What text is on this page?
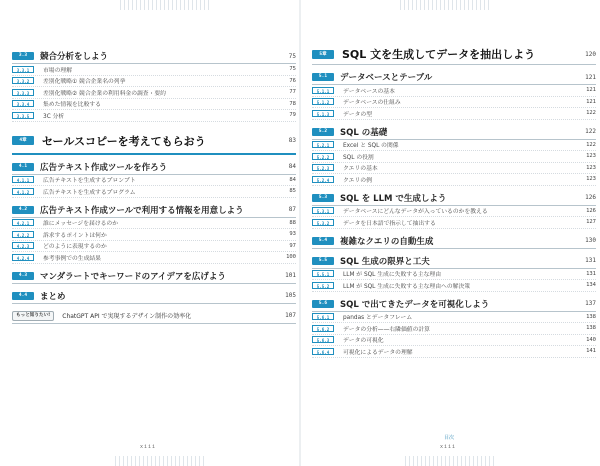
3.3	競合分析をしよう	75
3.3.1	市場の理解	75
3.3.2	差別化戦略① 競合企業名の列挙	76
3.3.3	差別化戦略② 競合企業の利用料金の調査・要約	77
3.3.4	集めた情報を比較する	78
3.3.5	3C 分析	79
4章	セールスコピーを考えてもらおう	83
4.1	広告テキスト作成ツールを作ろう	84
4.1.1	広告テキストを生成するプロンプト	84
4.1.2	広告テキストを生成するプログラム	85
4.2	広告テキスト作成ツールで利用する情報を用意しよう	87
4.2.1	誰にメッセージを届けるのか	88
4.2.2	訴求するポイントは何か	93
4.2.3	どのように表現するのか	97
4.2.4	参考事例での生成結果	100
4.3	マンダラートでキーワードのアイデアを広げよう	101
4.4	まとめ	105
もっと知りたい!	ChatGPT API で実現するデザイン制作の効率化	107
5章	SQL 文を生成してデータを抽出しよう	120
5.1	データベースとテーブル	121
5.1.1	データベースの基本	121
5.1.2	データベースの仕組み	121
5.1.3	データの型	122
5.2	SQL の基礎	122
5.2.1	Excel と SQL の関係	122
5.2.2	SQL の役割	123
5.2.3	クエリの基本	123
5.2.4	クエリの例	123
5.3	SQL を LLM で生成しよう	126
5.3.1	データベースにどんなデータが入っているのかを教える	126
5.3.2	データを日本語で指示して抽出する	127
5.4	複雑なクエリの自動生成	130
5.5	SQL 生成の限界と工夫	131
5.5.1	LLM が SQL 生成に失敗する主な理由	131
5.5.2	LLM が SQL 生成に失敗する主な理由への解決策	134
5.6	SQL で出てきたデータを可視化しよう	137
5.6.1	pandas とデータフレーム	138
5.6.2	データの分析——右隣価値の計算	138
5.6.3	データの可視化	140
5.6.4	可視化によるデータの理解	141
xiii
目次
xiii
